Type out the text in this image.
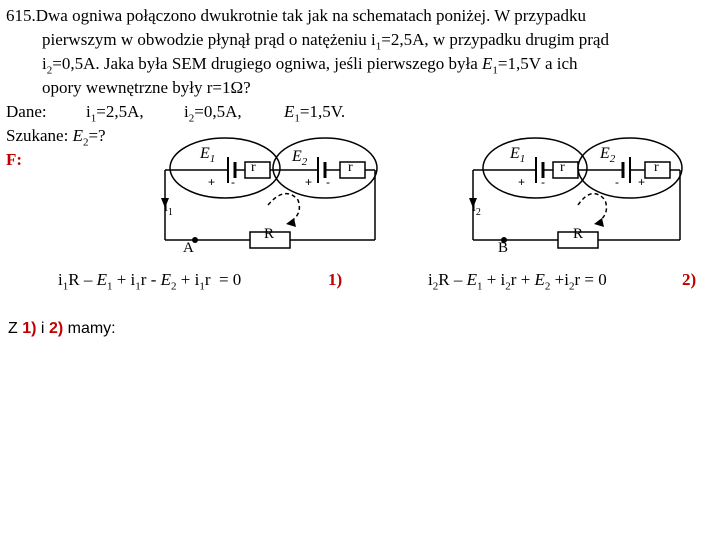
615.Dwa ogniwa połączono dwukrotnie tak jak na schematach poniżej. W przypadku
pierwszym w obwodzie płynął prąd o natężeniu $i_1=2,5A$, w przypadku drugim prąd
$i_2=0,5A$. Jaka była SEM drugiego ogniwa, jeśli pierwszego była $E_1=1,5V$ a ich
opory wewnętrzne były r=1Ω?
Dane: $i_1=2,5A$, $i_2=0,5A$, $E_1=1,5V$.
Szukane: $E_2=$?
F:	$E_1$	$E_2$
r	r
+ -	+ -
$i_1$
R
A
$E_1$	$E_2$
r	r
+ -	- +
$i_2$
R
B
$i_1R - E_1 + i_1r - E_2 + i_1r = 0$	1)	$i_2R - E_1 + i_2r + E_2 +i_2r = 0$	2)
Z 1) i 2) mamy:
